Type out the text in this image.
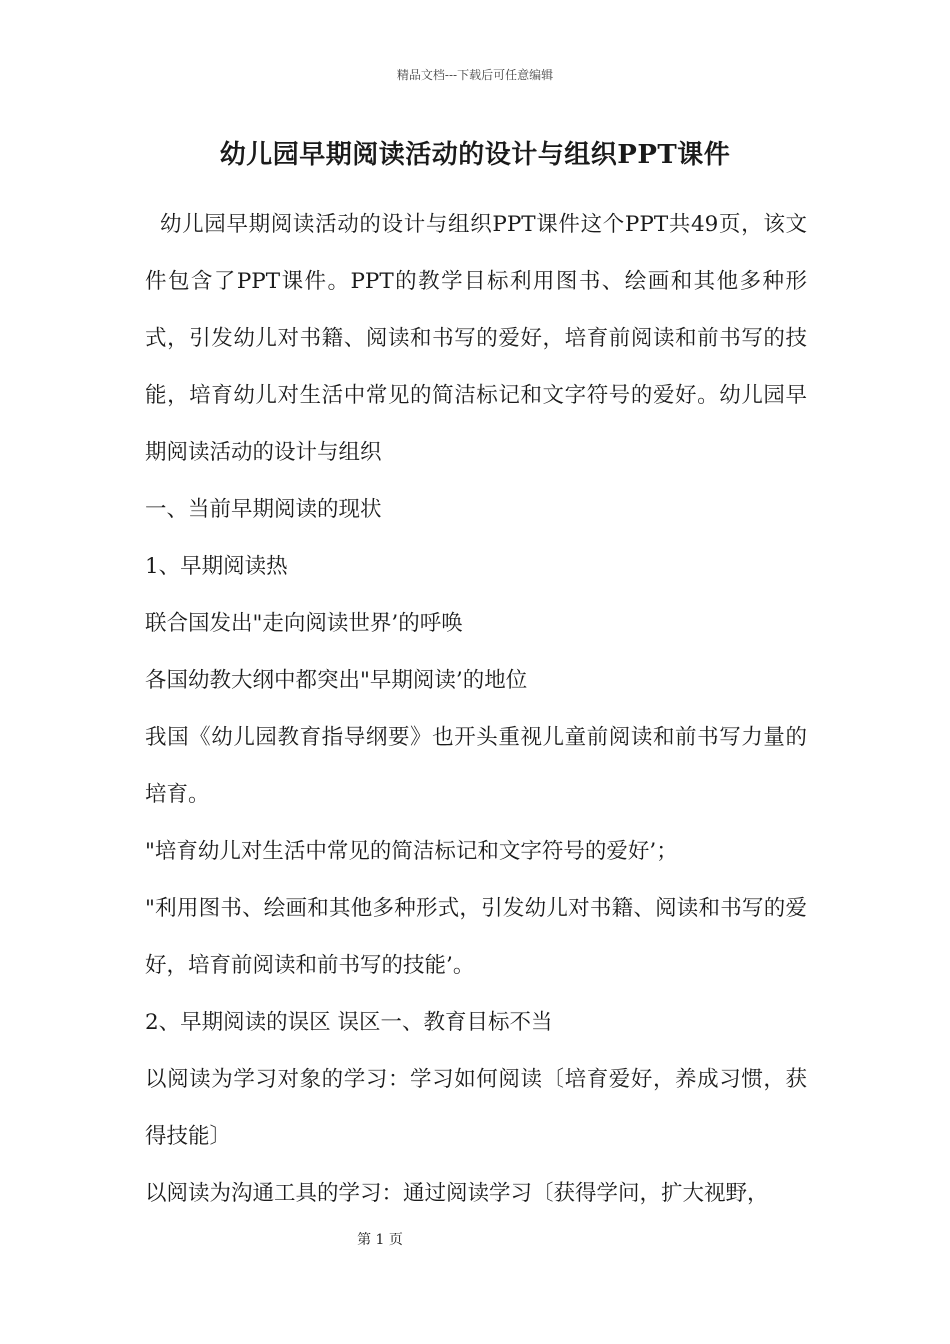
精品文档---下载后可任意编辑
幼儿园早期阅读活动的设计与组织PPT课件

幼儿园早期阅读活动的设计与组织PPT课件这个PPT共49页，该文件包含了PPT课件。PPT的教学目标利用图书、绘画和其他多种形式，引发幼儿对书籍、阅读和书写的爱好，培育前阅读和前书写的技能，培育幼儿对生活中常见的简洁标记和文字符号的爱好。幼儿园早期阅读活动的设计与组织

一、当前早期阅读的现状

1、早期阅读热

联合国发出"走向阅读世界’的呼唤

各国幼教大纲中都突出"早期阅读’的地位

我国《幼儿园教育指导纲要》也开头重视儿童前阅读和前书写力量的培育。

"培育幼儿对生活中常见的简洁标记和文字符号的爱好’；

"利用图书、绘画和其他多种形式，引发幼儿对书籍、阅读和书写的爱好，培育前阅读和前书写的技能’。

2、早期阅读的误区 误区一、教育目标不当

以阅读为学习对象的学习：学习如何阅读〔培育爱好，养成习惯，获得技能〕

以阅读为沟通工具的学习：通过阅读学习〔获得学问，扩大视野，

第 1 页
